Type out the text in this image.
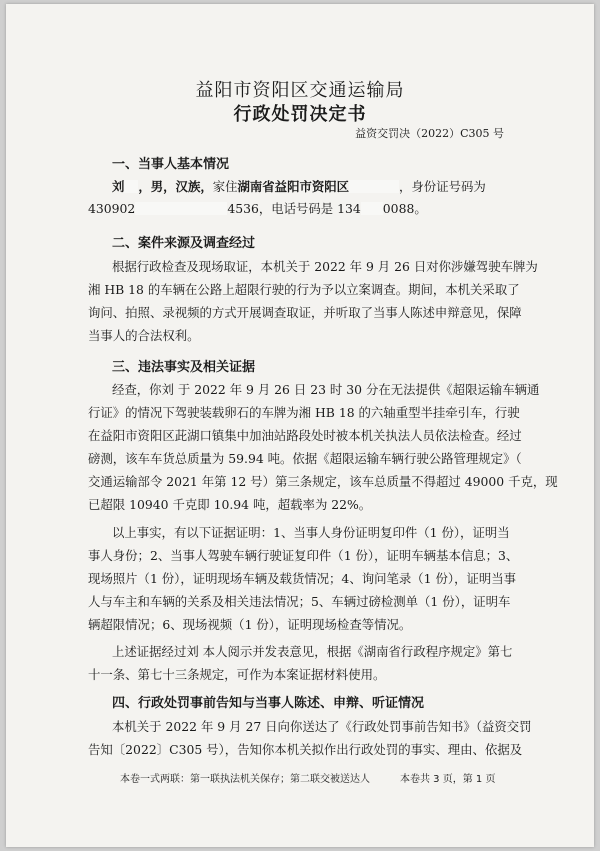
益阳市资阳区交通运输局
行政处罚决定书
益资交罚决（2022）C305 号
一、当事人基本情况
刘 ，男，汉族，家住湖南省益阳市资阳区	，身份证号码为
430902	4536，电话号码是 134 0088。
二、案件来源及调查经过
根据行政检查及现场取证，本机关于 2022 年 9 月 26 日对你涉嫌驾驶车牌为
湘 HB 18 的车辆在公路上超限行驶的行为予以立案调查。期间，本机关采取了
询问、拍照、录视频的方式开展调查取证，并听取了当事人陈述申辩意见，保障
当事人的合法权利。
三、违法事实及相关证据
经查，你刘 于 2022 年 9 月 26 日 23 时 30 分在无法提供《超限运输车辆通
行证》的情况下驾驶装载卵石的车牌为湘 HB 18 的六轴重型半挂牵引车，行驶
在益阳市资阳区茈湖口镇集中加油站路段处时被本机关执法人员依法检查。经过
磅测，该车车货总质量为 59.94 吨。依据《超限运输车辆行驶公路管理规定》（
交通运输部令 2021 年第 12 号）第三条规定，该车总质量不得超过 49000 千克，现
已超限 10940 千克即 10.94 吨，超载率为 22%。
以上事实，有以下证据证明：1、当事人身份证明复印件（1 份），证明当
事人身份；2、当事人驾驶车辆行驶证复印件（1 份），证明车辆基本信息；3、
现场照片（1 份），证明现场车辆及载货情况；4、询问笔录（1 份），证明当事
人与车主和车辆的关系及相关违法情况；5、车辆过磅检测单（1 份），证明车
辆超限情况；6、现场视频（1 份），证明现场检查等情况。
上述证据经过刘 本人阅示并发表意见，根据《湖南省行政程序规定》第七
十一条、第七十三条规定，可作为本案证据材料使用。
四、行政处罚事前告知与当事人陈述、申辩、听证情况
本机关于 2022 年 9 月 27 日向你送达了《行政处罚事前告知书》（益资交罚
告知〔2022〕C305 号），告知你本机关拟作出行政处罚的事实、理由、依据及
本卷一式两联：第一联执法机关保存；第二联交被送达人	本卷共 3 页，第 1 页
